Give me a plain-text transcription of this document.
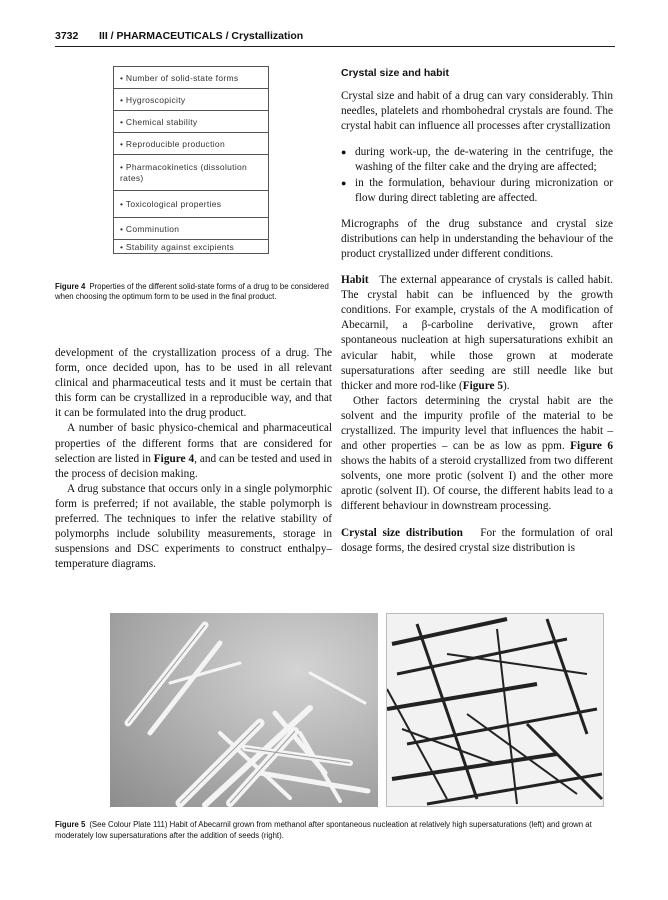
3732 III / PHARMACEUTICALS / Crystallization
• Number of solid-state forms
• Hygroscopicity
• Chemical stability
• Reproducible production
• Pharmacokinetics (dissolution rates)
• Toxicological properties
• Comminution
• Stability against excipients
Figure 4 Properties of the different solid-state forms of a drug to be considered when choosing the optimum form to be used in the final product.

development of the crystallization process of a drug. The form, once decided upon, has to be used in all relevant clinical and pharmaceutical tests and it must be certain that this form can be crystallized in a reproducible way, and that it can be formulated into the drug product.

A number of basic physico-chemical and pharmaceutical properties of the different forms that are considered for selection are listed in Figure 4, and can be tested and used in the process of decision making.

A drug substance that occurs only in a single polymorphic form is preferred; if not available, the stable polymorph is preferred. The techniques to infer the relative stability of polymorphs include solubility measurements, storage in suspensions and DSC experiments to construct enthalpy–temperature diagrams.

Crystal size and habit

Crystal size and habit of a drug can vary considerably. Thin needles, platelets and rhombohedral crystals are found. The crystal habit can influence all processes after crystallization

● during work-up, the de-watering in the centrifuge, the washing of the filter cake and the drying are affected;

● in the formulation, behaviour during micronization or flow during direct tableting are affected.

Micrographs of the drug substance and crystal size distributions can help in understanding the behaviour of the product crystallized under different conditions.

Habit The external appearance of crystals is called habit. The crystal habit can be influenced by the growth conditions. For example, crystals of the A modification of Abecarnil, a β-carboline derivative, grown after spontaneous nucleation at high supersaturations exhibit an avicular habit, while those grown at moderate supersaturations after seeding are still needle like but thicker and more rod-like (Figure 5).

Other factors determining the crystal habit are the solvent and the impurity profile of the material to be crystallized. The impurity level that influences the habit – and other properties – can be as low as ppm. Figure 6 shows the habits of a steroid crystallized from two different solvents, one more protic (solvent I) and the other more aprotic (solvent II). Of course, the different habits lead to a different behaviour in downstream processing.

Crystal size distribution For the formulation of oral dosage forms, the desired crystal size distribution is

Figure 5 (See Colour Plate 111) Habit of Abecarnil grown from methanol after spontaneous nucleation at relatively high supersaturations (left) and grown at moderately low supersaturations after the addition of seeds (right).
